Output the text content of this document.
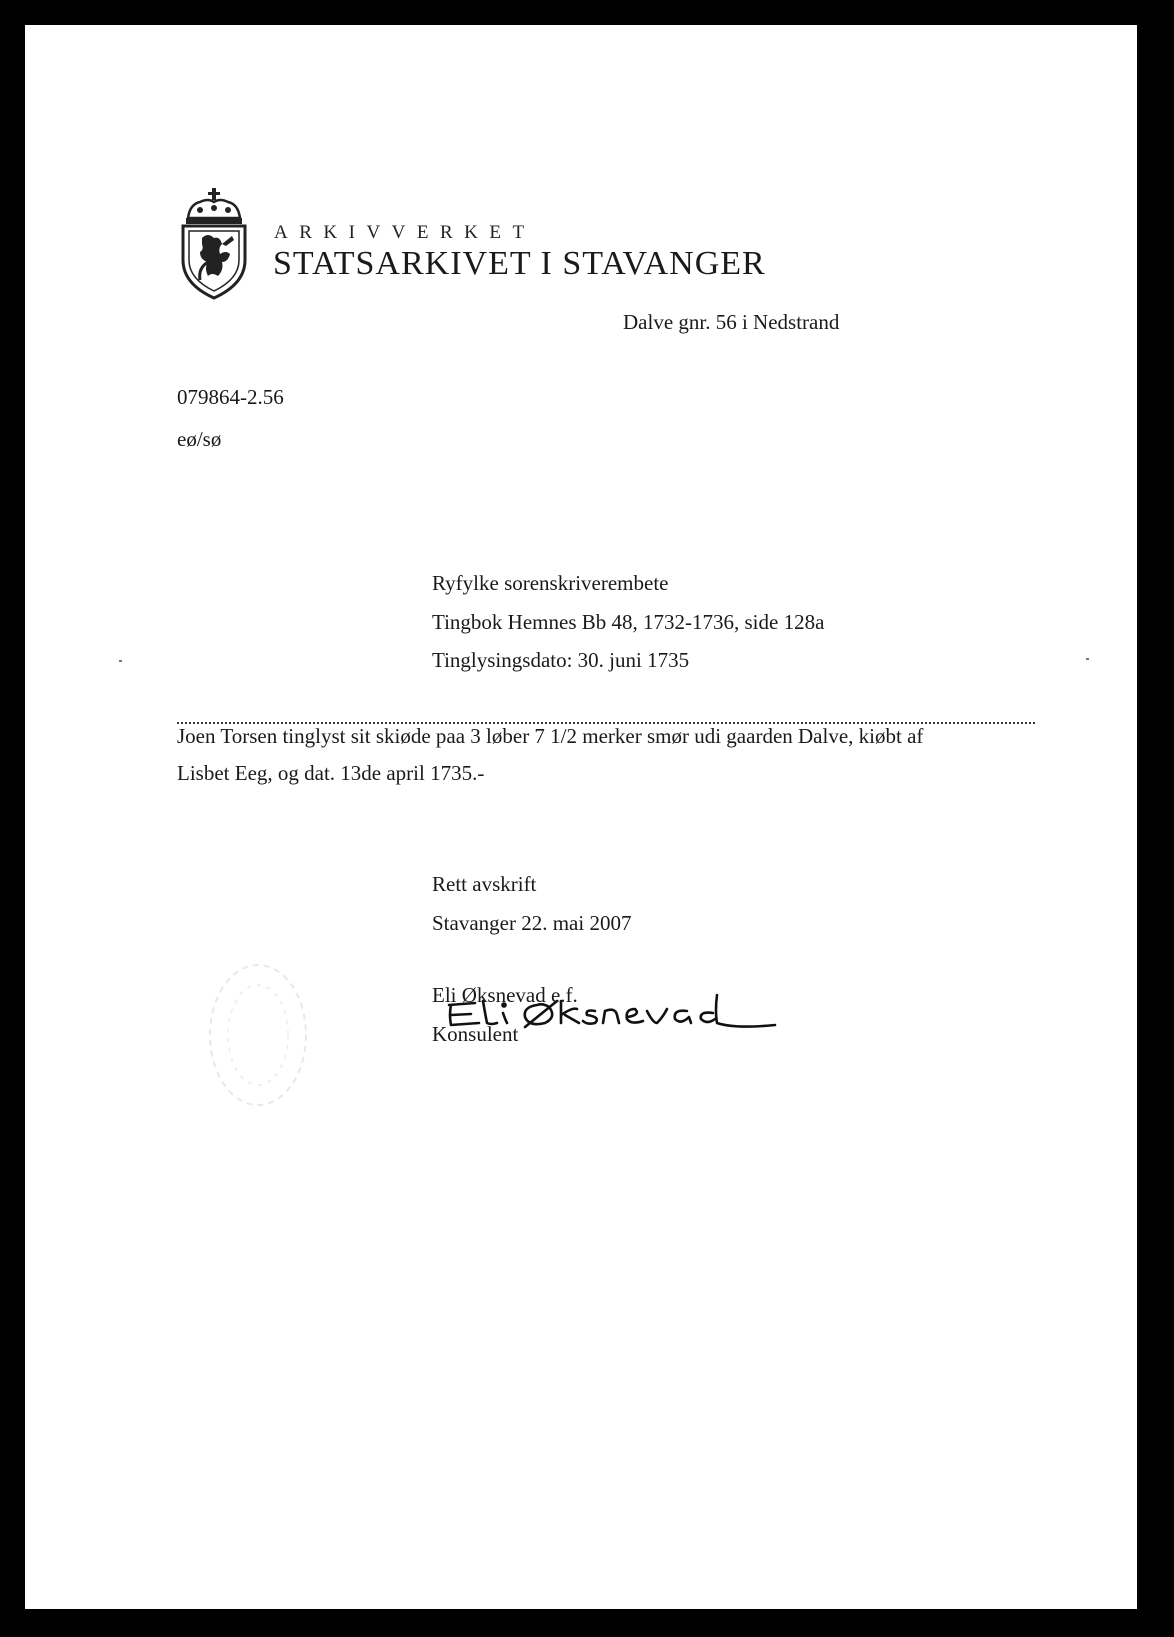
ARKIVVERKET
STATSARKIVET I STAVANGER
Dalve gnr. 56 i Nedstrand
079864-2.56
eø/sø
Ryfylke sorenskriverembete
Tingbok Hemnes Bb 48, 1732-1736, side 128a
Tinglysingsdato: 30. juni 1735
Joen Torsen tinglyst sit skiøde paa 3 løber 7 1/2 merker smør udi gaarden Dalve, kiøbt af
Lisbet Eeg, og dat. 13de april 1735.-
Rett avskrift
Stavanger 22. mai 2007
Eli Øksnevad e.f.
Konsulent
